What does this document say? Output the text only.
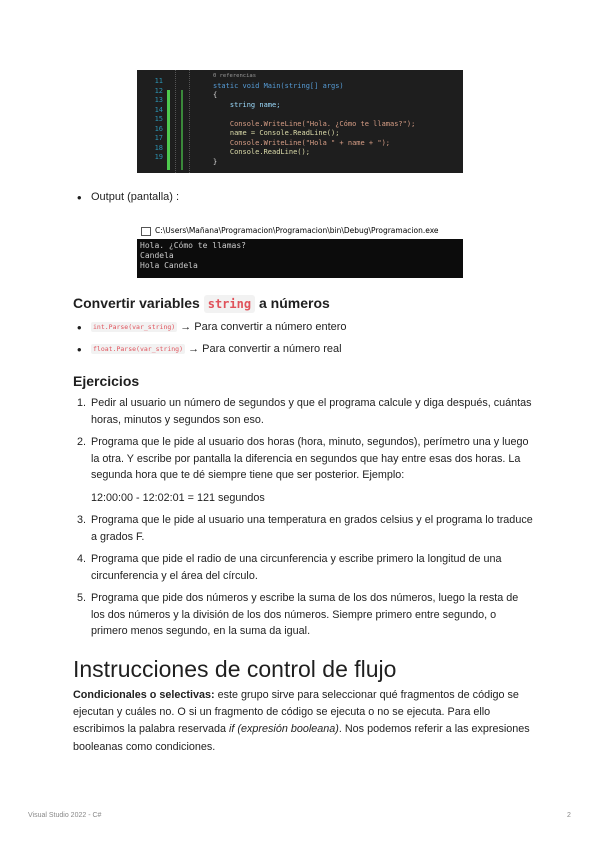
11
12
13
14
15
16
17
18
19
0 referencias
static void Main(string[] args)
{
string name;
Console.WriteLine("Hola. ¿Cómo te llamas?");
name = Console.ReadLine();
Console.WriteLine("Hola " + name + ");
Console.ReadLine();
}
• Output (pantalla) :
C:\Users\Mañana\Programacion\Programacion\bin\Debug\Programacion.exe
Hola. ¿Cómo te llamas?
Candela
Hola Candela
Convertir variables string a números
• int.Parse(var_string) → Para convertir a número entero
• float.Parse(var_string) → Para convertir a número real
Ejercicios
1. Pedir al usuario un número de segundos y que el programa calcule y diga después, cuántas horas, minutos y segundos son eso.
2. Programa que le pide al usuario dos horas (hora, minuto, segundos), perímetro una y luego la otra. Y escribe por pantalla la diferencia en segundos que hay entre esas dos horas. La segunda hora que te dé siempre tiene que ser posterior. Ejemplo:
12:00:00 - 12:02:01 = 121 segundos
3. Programa que le pide al usuario una temperatura en grados celsius y el programa lo traduce a grados F.
4. Programa que pide el radio de una circunferencia y escribe primero la longitud de una circunferencia y el área del círculo.
5. Programa que pide dos números y escribe la suma de los dos números, luego la resta de los dos números y la división de los dos números. Siempre primero entre segundo, o primero menos segundo, en la suma da igual.
Instrucciones de control de flujo

Condicionales o selectivas: este grupo sirve para seleccionar qué fragmentos de código se ejecutan y cuáles no. O si un fragmento de código se ejecuta o no se ejecuta. Para ello escribimos la palabra reservada if (expresión booleana). Nos podemos referir a las expresiones booleanas como condiciones.

Visual Studio 2022 - C#	2
